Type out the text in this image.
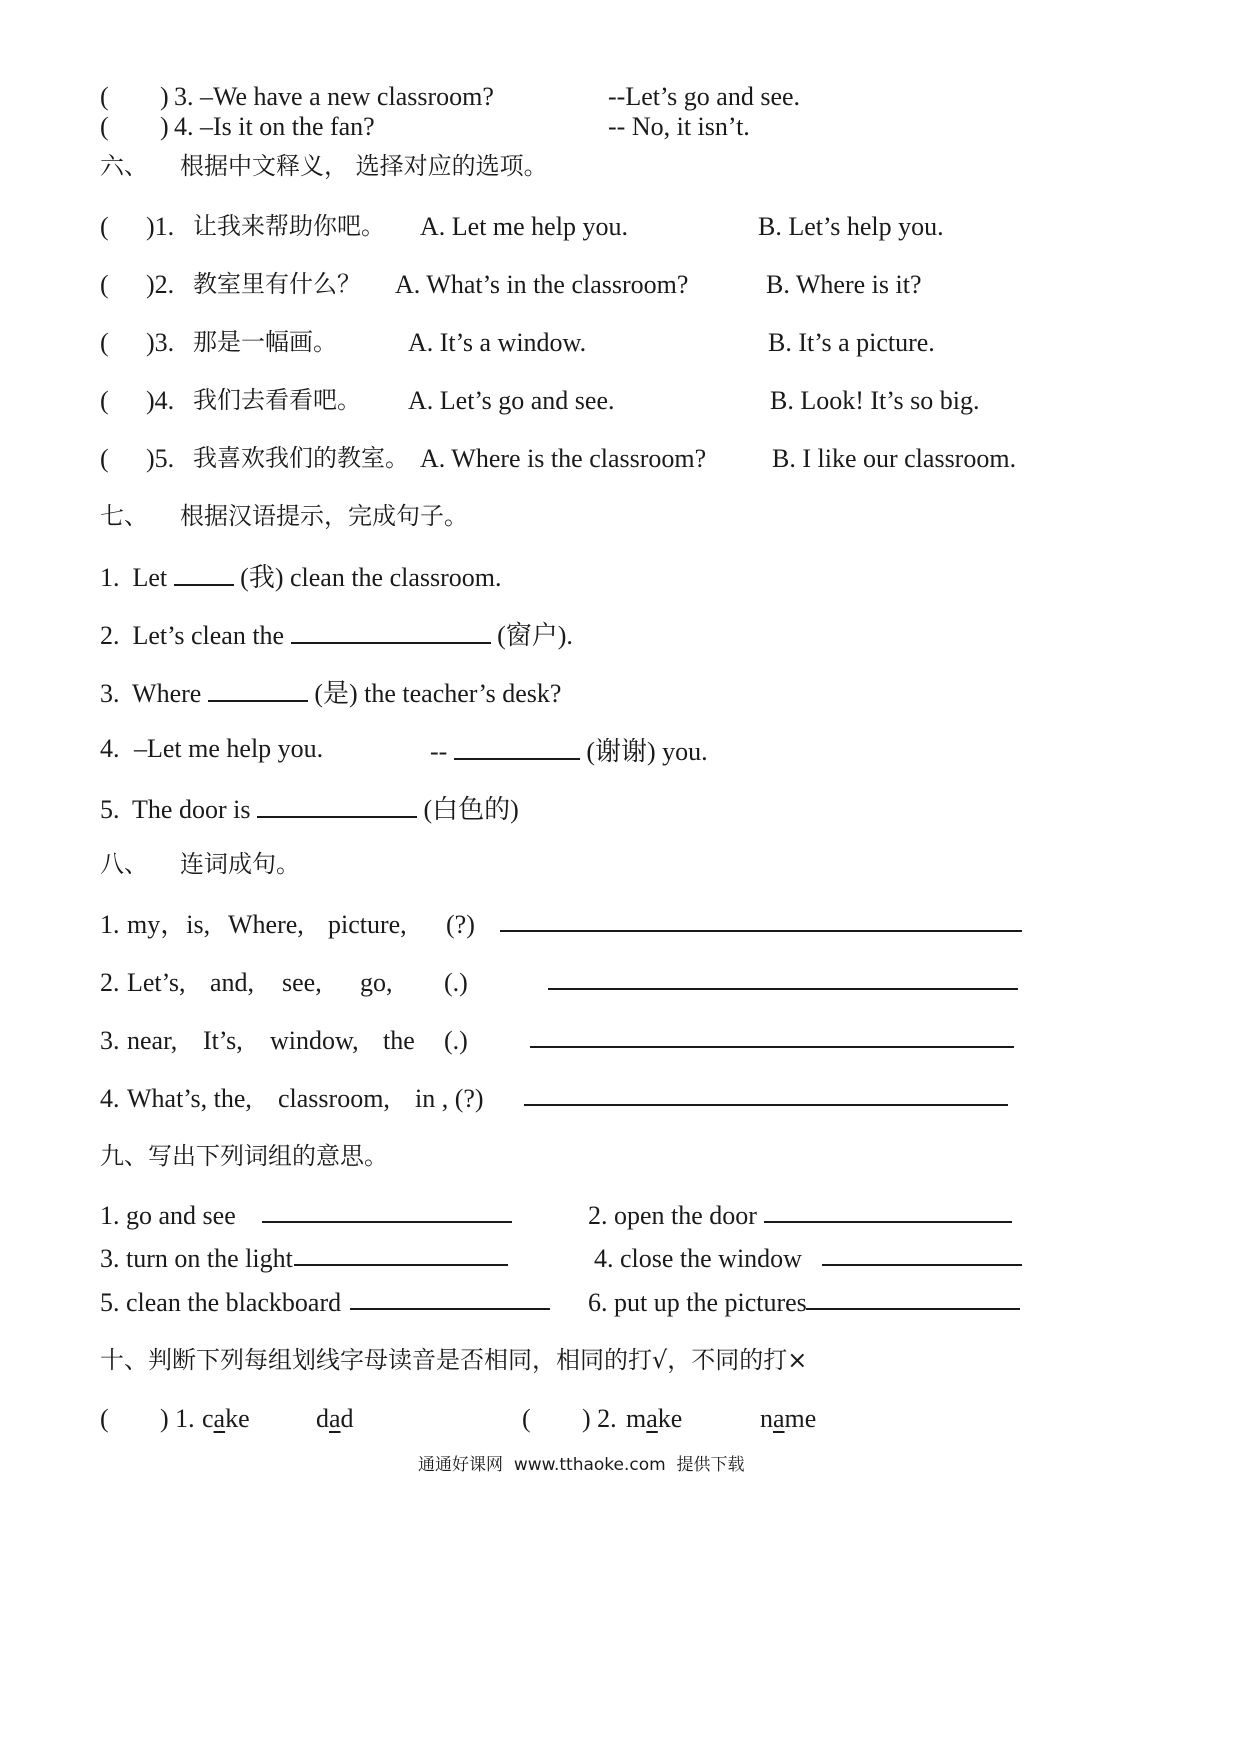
( ) 3. –We have a new classroom?	--Let’s go and see.
( ) 4. –Is it on the fan?	-- No, it isn’t.
六、 根据中文释义， 选择对应的选项。
( )1. 让我来帮助你吧。 A. Let me help you.	B. Let’s help you.
( )2. 教室里有什么？ A. What’s in the classroom?	B. Where is it?
( )3. 那是一幅画。	A. It’s a window.	B. It’s a picture.
( )4. 我们去看看吧。 A. Let’s go and see.	B. Look! It’s so big.
( )5. 我喜欢我们的教室。 A. Where is the classroom?	B. I like our classroom.
七、 根据汉语提示，完成句子。
1. Let	(我) clean the classroom.
2. Let’s clean the	(窗户).
3. Where	(是) the teacher’s desk?
4. –Let me help you.	--	(谢谢) you.
5. The door is	(白色的)
八、 连词成句。
1. my，is, Where, picture, (?)
2. Let’s, and, see, go, (.)
3. near, It’s, window, the (.)
4. What’s, the, classroom, in , (?)
九、写出下列词组的意思。
1. go and see	2. open the door
3. turn on the light	4. close the window
5. clean the blackboard	6. put up the pictures
十、判断下列每组划线字母读音是否相同，相同的打√，不同的打×
( ) 1. cake	dad	( ) 2. make	name
通通好课网 www.tthaoke.com 提供下载
